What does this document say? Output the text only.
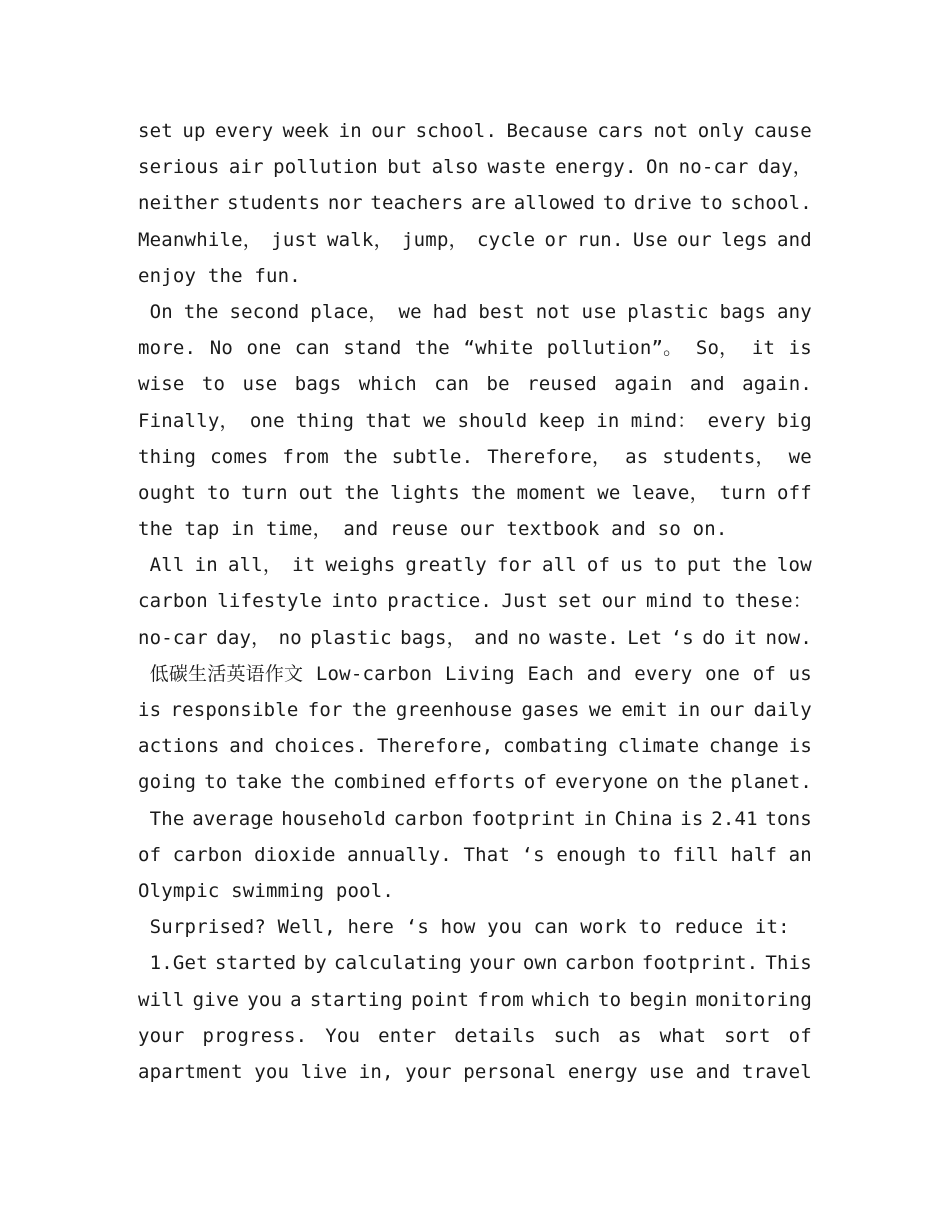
set up every week in our school. Because cars not only cause
serious air pollution but also waste energy. On no-car day，
neither students nor teachers are allowed to drive to school.
Meanwhile， just walk， jump， cycle or run. Use our legs and
enjoy the fun.
On the second place， we had best not use plastic bags any
more. No one can stand the “white pollution”。 So， it is
wise to use bags which can be reused again and again.
Finally， one thing that we should keep in mind： every big
thing comes from the subtle. Therefore， as students， we
ought to turn out the lights the moment we leave， turn off
the tap in time， and reuse our textbook and so on.
All in all， it weighs greatly for all of us to put the low
carbon lifestyle into practice. Just set our mind to these：
no-car day， no plastic bags， and no waste. Let ‘s do it now.
低碳生活英语作文 Low-carbon Living Each and every one of us
is responsible for the greenhouse gases we emit in our daily
actions and choices. Therefore, combating climate change is
going to take the combined efforts of everyone on the planet.
The average household carbon footprint in China is 2.41 tons
of carbon dioxide annually. That ‘s enough to fill half an
Olympic swimming pool.
Surprised? Well, here ‘s how you can work to reduce it:
1.Get started by calculating your own carbon footprint. This
will give you a starting point from which to begin monitoring
your progress. You enter details such as what sort of
apartment you live in, your personal energy use and travel
